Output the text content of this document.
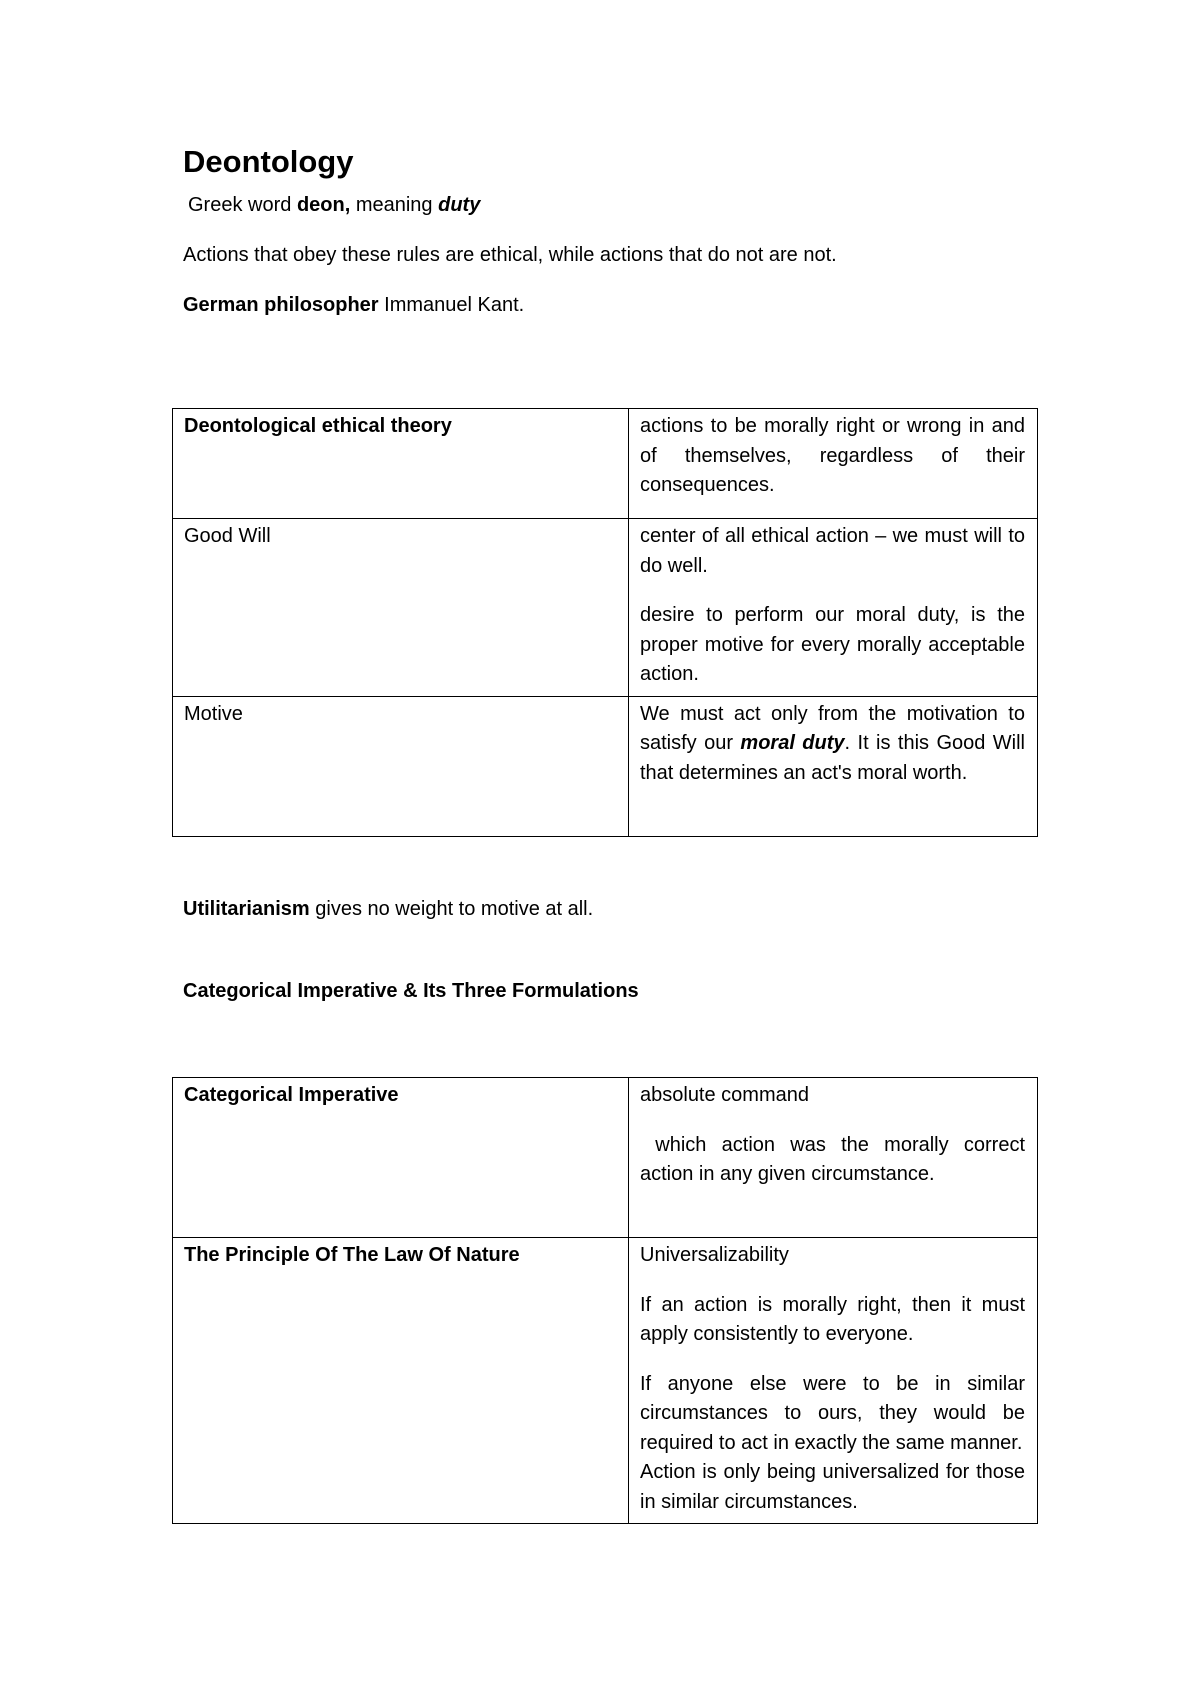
Deontology

Greek word deon, meaning duty

Actions that obey these rules are ethical, while actions that do not are not.

German philosopher Immanuel Kant.

Deontological ethical theory	actions to be morally right or wrong in and of themselves, regardless of their consequences.

Good Will	center of all ethical action – we must will to do well.

desire to perform our moral duty, is the proper motive for every morally acceptable action.

Motive	We must act only from the motivation to satisfy our moral duty. It is this Good Will that determines an act's moral worth.

Utilitarianism gives no weight to motive at all.

Categorical Imperative & Its Three Formulations

Categorical Imperative	absolute command

which action was the morally correct action in any given circumstance.

The Principle Of The Law Of Nature	Universalizability

If an action is morally right, then it must apply consistently to everyone.

If anyone else were to be in similar circumstances to ours, they would be required to act in exactly the same manner.

Action is only being universalized for those in similar circumstances.
